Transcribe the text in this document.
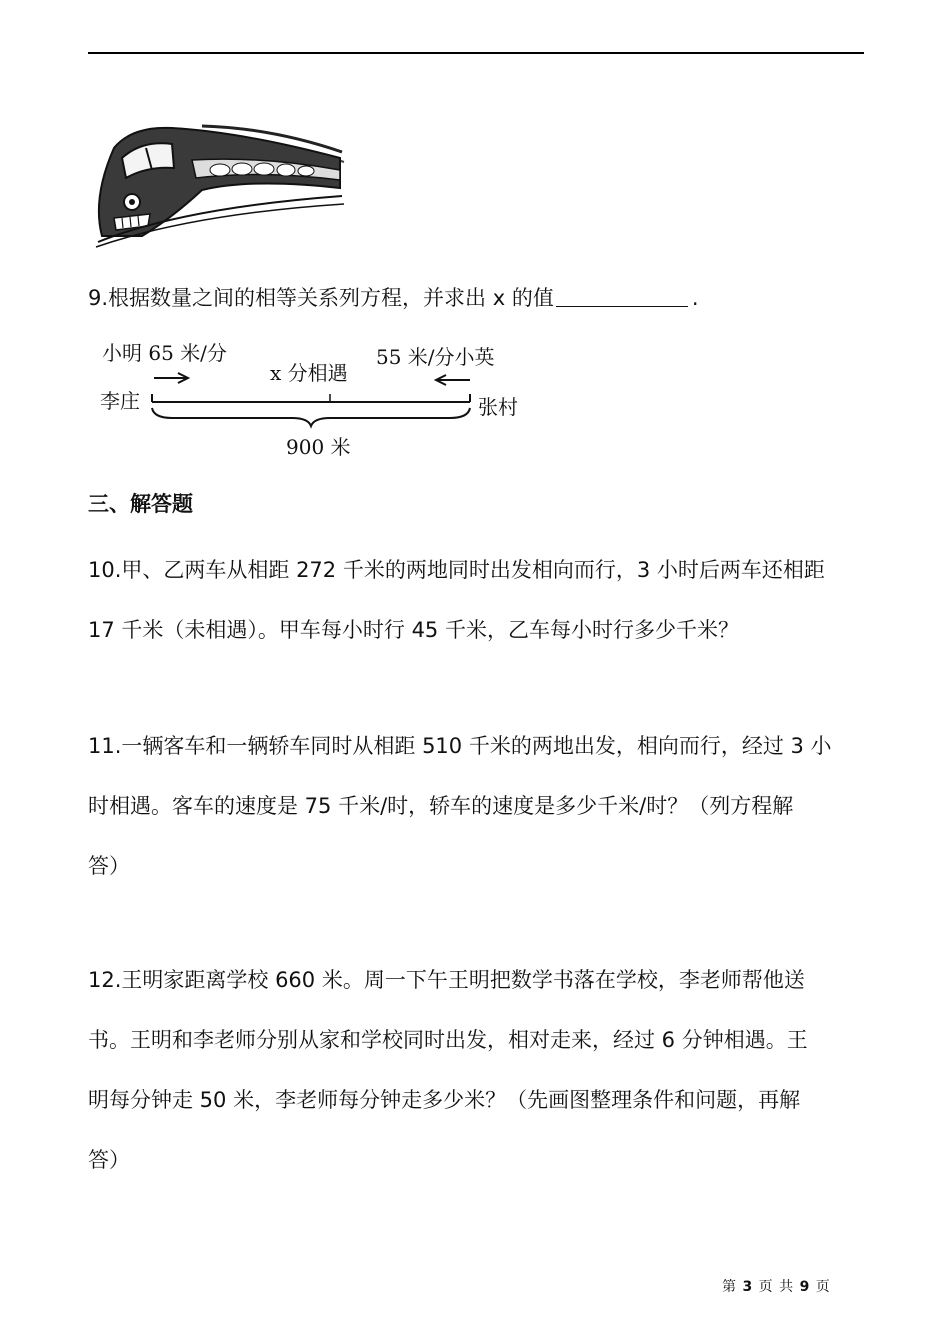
9.根据数量之间的相等关系列方程，并求出 x 的值	.
小明 65 米/分	55 米/分小英
x 分相遇
李庄	张村
900 米
三、解答题
10.甲、乙两车从相距 272 千米的两地同时出发相向而行，3 小时后两车还相距
17 千米（未相遇）。甲车每小时行 45 千米，乙车每小时行多少千米？
11.一辆客车和一辆轿车同时从相距 510 千米的两地出发，相向而行，经过 3 小
时相遇。客车的速度是 75 千米/时，轿车的速度是多少千米/时？（列方程解
答）
12.王明家距离学校 660 米。周一下午王明把数学书落在学校，李老师帮他送
书。王明和李老师分别从家和学校同时出发，相对走来，经过 6 分钟相遇。王
明每分钟走 50 米，李老师每分钟走多少米？（先画图整理条件和问题，再解
答）
第 3 页 共 9 页
